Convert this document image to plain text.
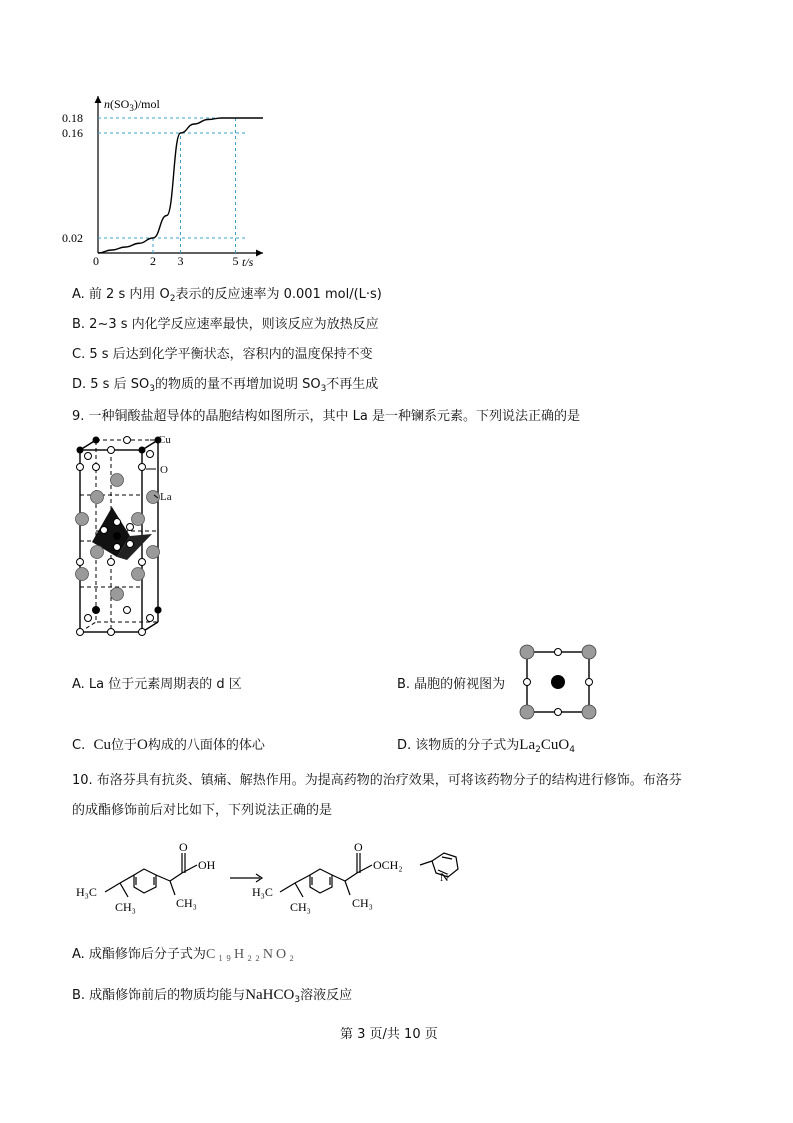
$n(SO_3)$/mol
t/s
0
0.02
0.16
0.18
2 3	5
A. 前 2 s 内用 $O_2$表示的反应速率为 0.001 mol/(L·s)
B. 2~3 s 内化学反应速率最快，则该反应为放热反应
C. 5 s 后达到化学平衡状态，容积内的温度保持不变
D. 5 s 后 $SO_3$的物质的量不再增加说明 $SO_3$不再生成
9. 一种铜酸盐超导体的晶胞结构如图所示，其中 La 是一种镧系元素。下列说法正确的是
Cu
O
La
A. La 位于元素周期表的 d 区	B. 晶胞的俯视图为
C. Cu位于O构成的八面体的体心	D. 该物质的分子式为$La_2CuO_4$
10. 布洛芬具有抗炎、镇痛、解热作用。为提高药物的治疗效果，可将该药物分子的结构进行修饰。布洛芬
的成酯修饰前后对比如下，下列说法正确的是
H₃C
CH₃	CH₃
O
OH
H₃C
CH₃	CH₃
O
OCH₂
N
A. 成酯修饰后分子式为C₁₉H₂₂NO₂
B. 成酯修饰前后的物质均能与NaHCO$_3$溶液反应
第 3 页/共 10 页
